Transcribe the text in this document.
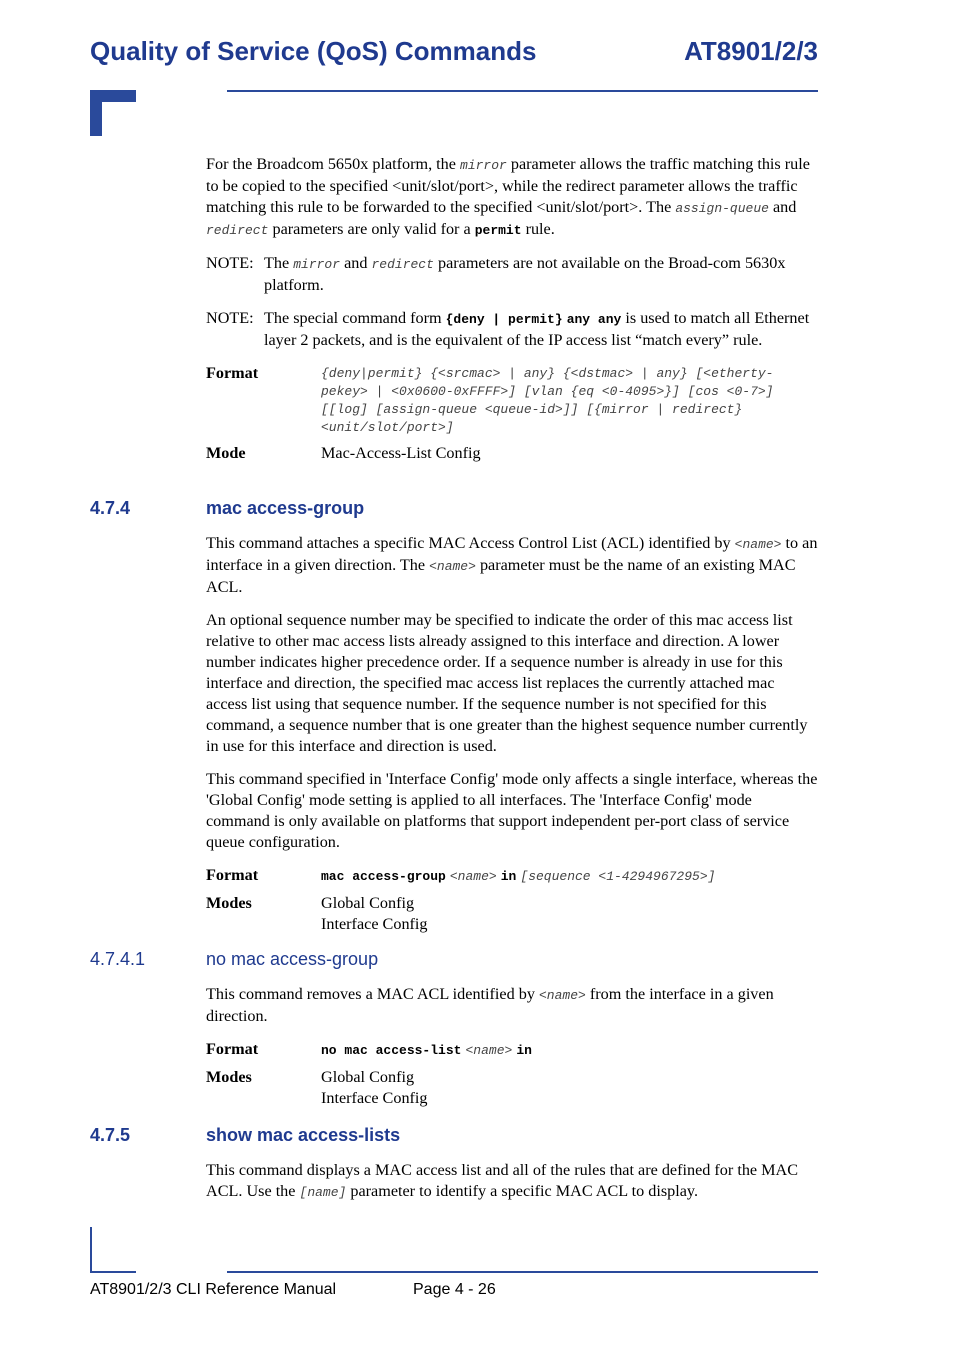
Quality of Service (QoS) Commands	AT8901/2/3

For the Broadcom 5650x platform, the mirror parameter allows the traffic matching this rule to be copied to the specified <unit/slot/port>, while the redirect parameter allows the traffic matching this rule to be forwarded to the specified <unit/slot/port>. The assign-queue and redirect parameters are only valid for a permit rule.

NOTE: The mirror and redirect parameters are not available on the Broad-com 5630x platform.
NOTE: The special command form {deny | permit} any any is used to match all Ethernet layer 2 packets, and is the equivalent of the IP access list “match every” rule.
Format	{deny|permit} {<srcmac> | any} {<dstmac> | any} [<etherty-pekey> | <0x0600-0xFFFF>] [vlan {eq <0-4095>}] [cos <0-7>] [[log] [assign-queue <queue-id>]] [{mirror | redirect} <unit/slot/port>]
Mode	Mac-Access-List Config
4.7.4	mac access-group

This command attaches a specific MAC Access Control List (ACL) identified by <name> to an interface in a given direction. The <name> parameter must be the name of an existing MAC ACL.

An optional sequence number may be specified to indicate the order of this mac access list relative to other mac access lists already assigned to this interface and direction. A lower number indicates higher precedence order. If a sequence number is already in use for this interface and direction, the specified mac access list replaces the currently attached mac access list using that sequence number. If the sequence number is not specified for this command, a sequence number that is one greater than the highest sequence number currently in use for this interface and direction is used.

This command specified in 'Interface Config' mode only affects a single interface, whereas the 'Global Config' mode setting is applied to all interfaces. The 'Interface Config' mode command is only available on platforms that support independent per-port class of service queue configuration.

Format	mac access-group <name> in [sequence <1-4294967295>]
Modes	Global Config
Interface Config
4.7.4.1	no mac access-group

This command removes a MAC ACL identified by <name> from the interface in a given direction.

Format	no mac access-list <name> in
Modes	Global Config
Interface Config
4.7.5	show mac access-lists

This command displays a MAC access list and all of the rules that are defined for the MAC ACL. Use the [name] parameter to identify a specific MAC ACL to display.

AT8901/2/3 CLI Reference Manual	Page 4 - 26
